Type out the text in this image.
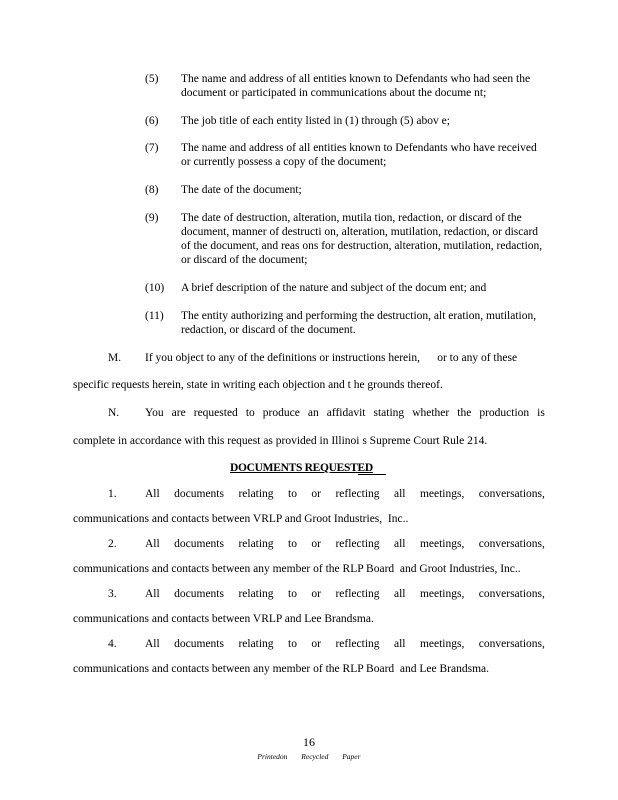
(5) The name and address of all entities known to Defendants who had seen the document or participated in communications about the docume nt;
(6) The job title of each entity listed in (1) through (5) abov e;
(7) The name and address of all entities known to Defendants who have received or currently possess a copy of the document;
(8) The date of the document;
(9) The date of destruction, alteration, mutila tion, redaction, or discard of the document, manner of destructi on, alteration, mutilation, redaction, or discard of the document, and reas ons for destruction, alteration, mutilation, redaction, or discard of the document;
(10) A brief description of the nature and subject of the docum ent; and
(11) The entity authorizing and performing the destruction, alt eration, mutilation, redaction, or discard of the document.
M. If you object to any of the definitions or instructions herein,      or to any of these
specific requests herein, state in writing each objection and t he grounds thereof.
N. You are requested to produce an affidavit stating whether the production is
complete in accordance with this request as provided in Illinoi s Supreme Court Rule 214.
DOCUMENTS REQUESTED
1. All documents relating to or reflecting all meetings, conversations,
communications and contacts between VRLP and Groot Industries,  Inc..
2. All documents relating to or reflecting all meetings, conversations,
communications and contacts between any member of the RLP Board  and Groot Industries, Inc..
3. All documents relating to or reflecting all meetings, conversations,
communications and contacts between VRLP and Lee Brandsma.
4. All documents relating to or reflecting all meetings, conversations,
communications and contacts between any member of the RLP Board  and Lee Brandsma.
16
Printedon Recycled Paper
